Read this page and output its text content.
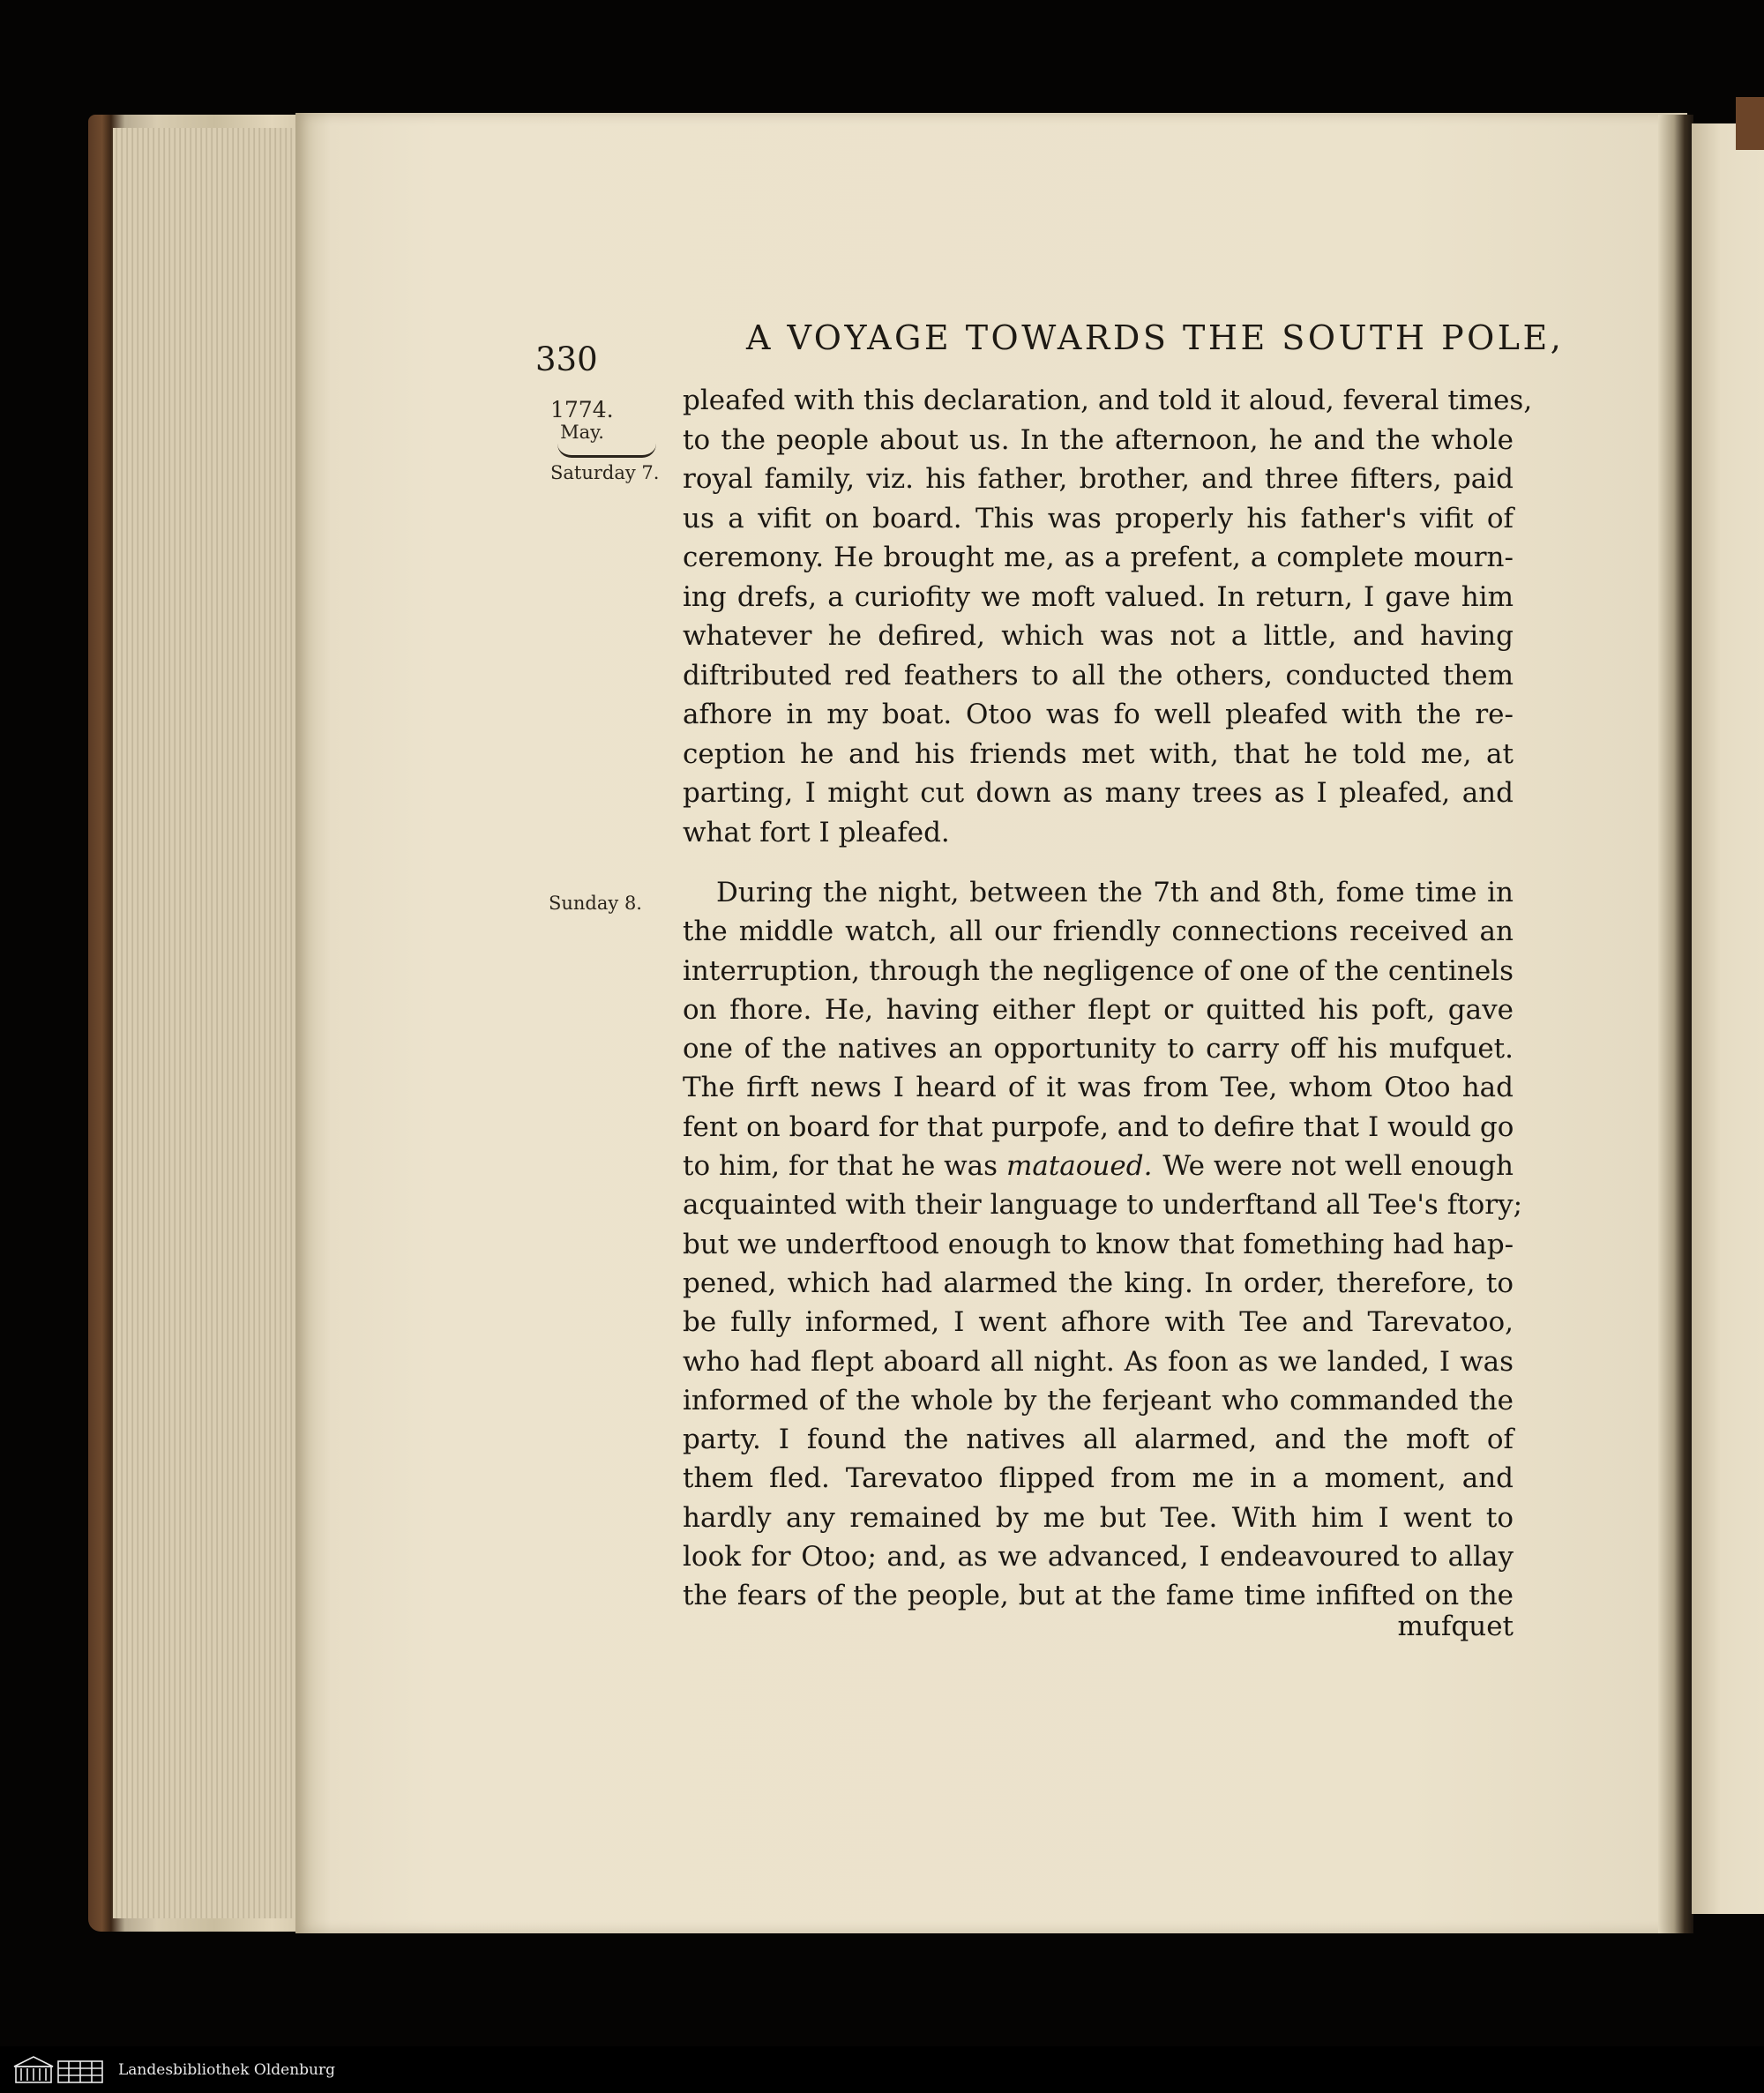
330
A VOYAGE TOWARDS THE SOUTH POLE,
1774.
May.
Saturday 7.
Sunday 8.
pleafed with this declaration, and told it aloud, feveral times,
to the people about us. In the afternoon, he and the whole
royal family, viz. his father, brother, and three fifters, paid
us a vifit on board. This was properly his father's vifit of
ceremony. He brought me, as a prefent, a complete mourn-
ing drefs, a curiofity we moft valued. In return, I gave him
whatever he defired, which was not a little, and having
diftributed red feathers to all the others, conducted them
afhore in my boat. Otoo was fo well pleafed with the re-
ception he and his friends met with, that he told me, at
parting, I might cut down as many trees as I pleafed, and
what fort I pleafed.
During the night, between the 7th and 8th, fome time in
the middle watch, all our friendly connections received an
interruption, through the negligence of one of the centinels
on fhore. He, having either flept or quitted his poft, gave
one of the natives an opportunity to carry off his mufquet.
The firft news I heard of it was from Tee, whom Otoo had
fent on board for that purpofe, and to defire that I would go
to him, for that he was mataoued. We were not well enough
acquainted with their language to underftand all Tee's ftory;
but we underftood enough to know that fomething had hap-
pened, which had alarmed the king. In order, therefore, to
be fully informed, I went afhore with Tee and Tarevatoo,
who had flept aboard all night. As foon as we landed, I was
informed of the whole by the ferjeant who commanded the
party. I found the natives all alarmed, and the moft of
them fled. Tarevatoo flipped from me in a moment, and
hardly any remained by me but Tee. With him I went to
look for Otoo; and, as we advanced, I endeavoured to allay
the fears of the people, but at the fame time infifted on the
mufquet
Landesbibliothek Oldenburg
